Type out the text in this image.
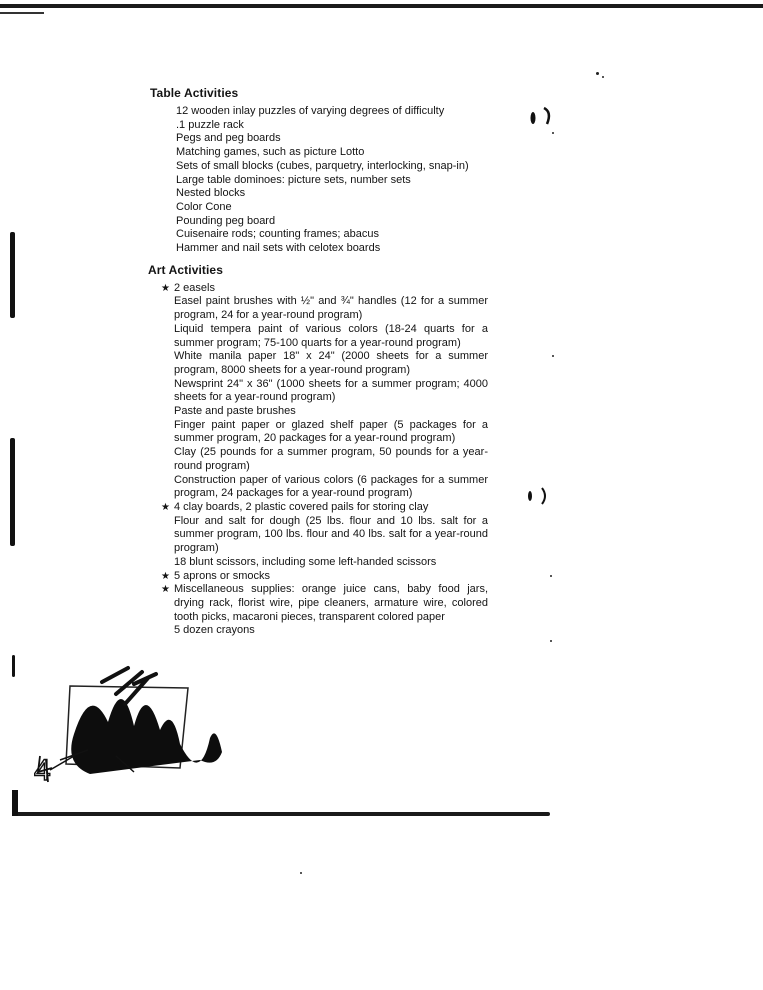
Table Activities
12 wooden inlay puzzles of varying degrees of difficulty
.1 puzzle rack
Pegs and peg boards
Matching games, such as picture Lotto
Sets of small blocks (cubes, parquetry, interlocking, snap-in)
Large table dominoes: picture sets, number sets
Nested blocks
Color Cone
Pounding peg board
Cuisenaire rods; counting frames; abacus
Hammer and nail sets with celotex boards
Art Activities
★ 2 easels
Easel paint brushes with ½" and ¾" handles (12 for a summer program, 24 for a year-round program)
Liquid tempera paint of various colors (18-24 quarts for a summer program; 75-100 quarts for a year-round program)
White manila paper 18" x 24" (2000 sheets for a summer program, 8000 sheets for a year-round program)
Newsprint 24" x 36" (1000 sheets for a summer program; 4000 sheets for a year-round program)
Paste and paste brushes
Finger paint paper or glazed shelf paper (5 packages for a summer program, 20 packages for a year-round program)
Clay (25 pounds for a summer program, 50 pounds for a year-round program)
Construction paper of various colors (6 packages for a summer program, 24 packages for a year-round program)
★ 4 clay boards, 2 plastic covered pails for storing clay
Flour and salt for dough (25 lbs. flour and 10 lbs. salt for a summer program, 100 lbs. flour and 40 lbs. salt for a year-round program)
18 blunt scissors, including some left-handed scissors
★ 5 aprons or smocks
★ Miscellaneous supplies: orange juice cans, baby food jars, drying rack, florist wire, pipe cleaners, armature wire, colored tooth picks, macaroni pieces, transparent colored paper
5 dozen crayons
4
